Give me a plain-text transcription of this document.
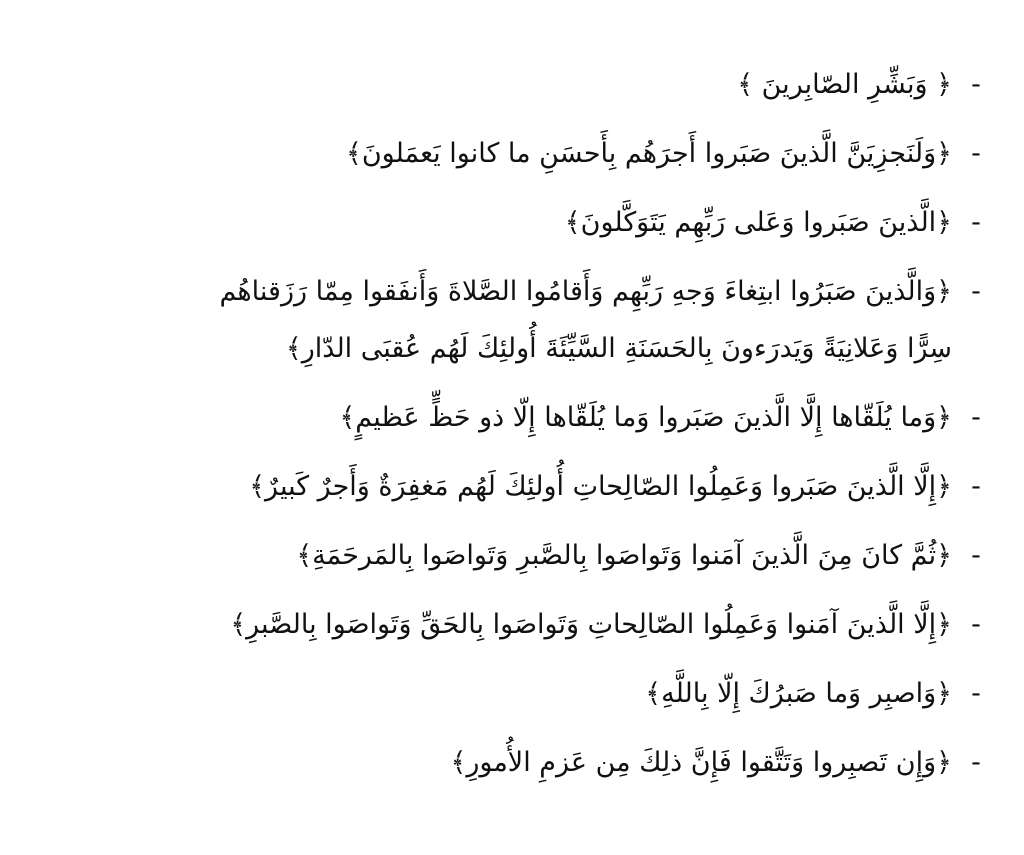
-
﴿ وَبَشِّرِ الصّابِرينَ ﴾
-
﴿وَلَنَجزِيَنَّ الَّذينَ صَبَروا أَجرَهُم بِأَحسَنِ ما كانوا يَعمَلونَ﴾
-
﴿الَّذينَ صَبَروا وَعَلى رَبِّهِم يَتَوَكَّلونَ﴾
-
﴿وَالَّذينَ صَبَرُوا ابتِغاءَ وَجهِ رَبِّهِم وَأَقامُوا الصَّلاةَ وَأَنفَقوا مِمّا رَزَقناهُم سِرًّا وَعَلانِيَةً وَيَدرَءونَ بِالحَسَنَةِ السَّيِّئَةَ أُولئِكَ لَهُم عُقبَى الدّارِ﴾
-
﴿وَما يُلَقّاها إِلَّا الَّذينَ صَبَروا وَما يُلَقّاها إِلّا ذو حَظٍّ عَظيمٍ﴾
-
﴿إِلَّا الَّذينَ صَبَروا وَعَمِلُوا الصّالِحاتِ أُولئِكَ لَهُم مَغفِرَةٌ وَأَجرٌ كَبيرٌ﴾
-
﴿ثُمَّ كانَ مِنَ الَّذينَ آمَنوا وَتَواصَوا بِالصَّبرِ وَتَواصَوا بِالمَرحَمَةِ﴾
-
﴿إِلَّا الَّذينَ آمَنوا وَعَمِلُوا الصّالِحاتِ وَتَواصَوا بِالحَقِّ وَتَواصَوا بِالصَّبرِ﴾
-
﴿وَاصبِر وَما صَبرُكَ إِلّا بِاللَّهِ﴾
-
﴿وَإِن تَصبِروا وَتَتَّقوا فَإِنَّ ذلِكَ مِن عَزمِ الأُمورِ﴾
